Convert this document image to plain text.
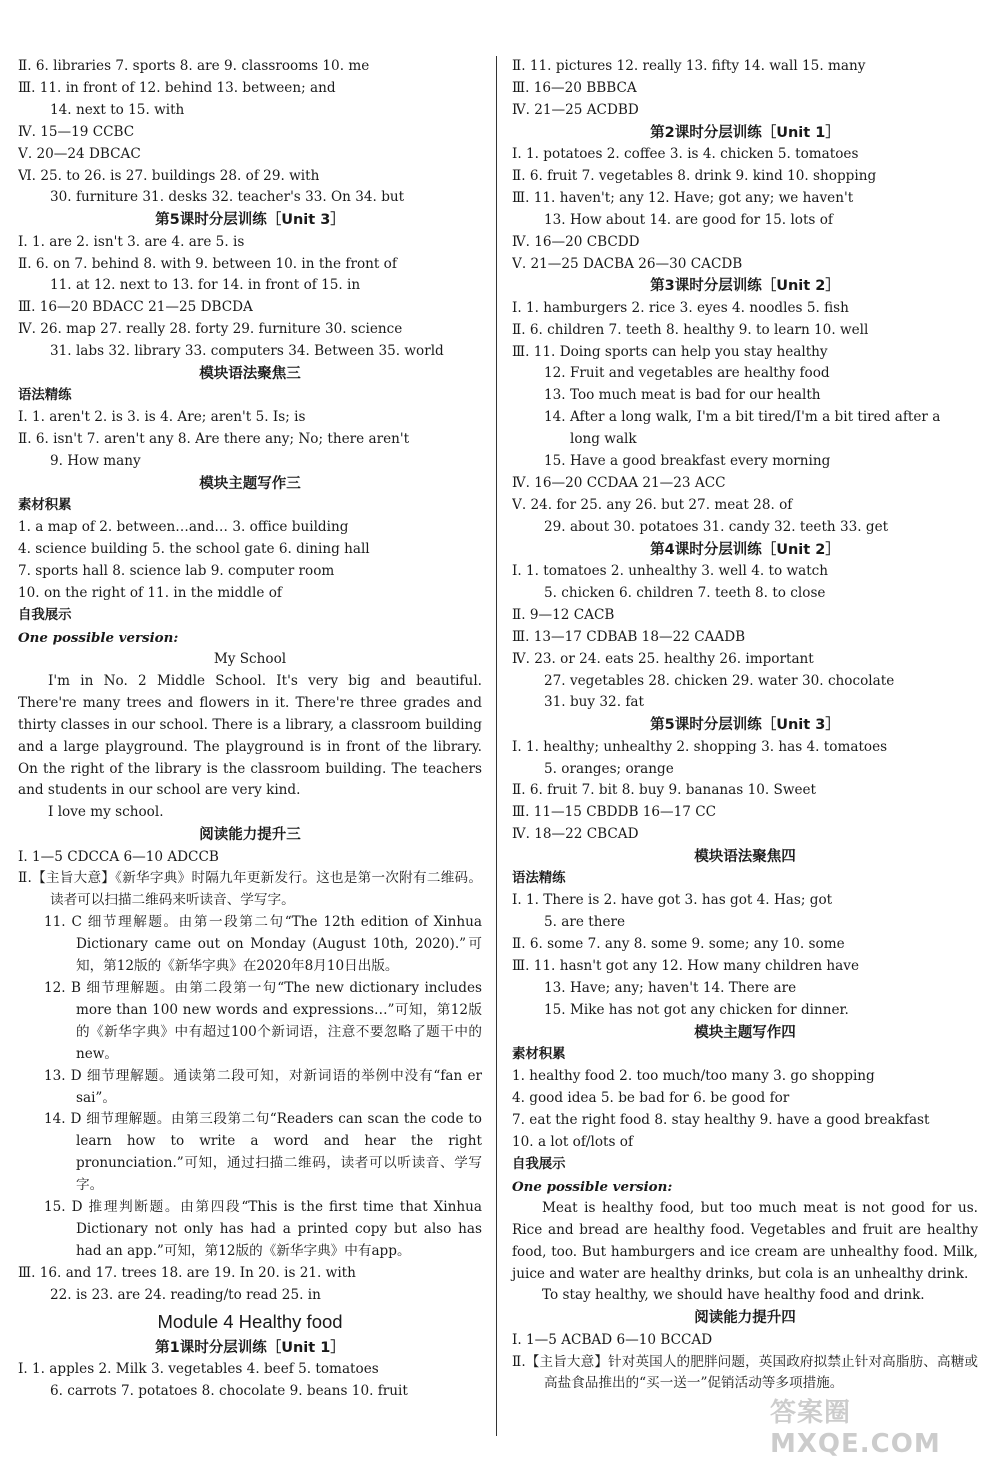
Ⅱ. 6. libraries 7. sports 8. are 9. classrooms 10. me
Ⅲ. 11. in front of 12. behind 13. between; and
14. next to 15. with
Ⅳ. 15—19 CCBC
Ⅴ. 20—24 DBCAC
Ⅵ. 25. to 26. is 27. buildings 28. of 29. with
30. furniture 31. desks 32. teacher's 33. On 34. but
第5课时分层训练［Unit 3］
Ⅰ. 1. are 2. isn't 3. are 4. are 5. is
Ⅱ. 6. on 7. behind 8. with 9. between 10. in the front of
11. at 12. next to 13. for 14. in front of 15. in
Ⅲ. 16—20 BDACC 21—25 DBCDA
Ⅳ. 26. map 27. really 28. forty 29. furniture 30. science
31. labs 32. library 33. computers 34. Between 35. world
模块语法聚焦三
语法精练
Ⅰ. 1. aren't 2. is 3. is 4. Are; aren't 5. Is; is
Ⅱ. 6. isn't 7. aren't any 8. Are there any; No; there aren't
9. How many
模块主题写作三
素材积累
1. a map of 2. between…and… 3. office building
4. science building 5. the school gate 6. dining hall
7. sports hall 8. science lab 9. computer room
10. on the right of 11. in the middle of
自我展示
One possible version:
My School
I'm in No. 2 Middle School. It's very big and beautiful. There're many trees and flowers in it. There're three grades and thirty classes in our school. There is a library, a classroom building and a large playground. The playground is in front of the library. On the right of the library is the classroom building. The teachers and students in our school are very kind.
I love my school.
阅读能力提升三
Ⅰ. 1—5 CDCCA 6—10 ADCCB
Ⅱ.【主旨大意】《新华字典》时隔九年更新发行。这也是第一次附有二维码。读者可以扫描二维码来听读音、学写字。
11. C 细节理解题。由第一段第二句“The 12th edition of Xinhua Dictionary came out on Monday (August 10th, 2020).”可知，第12版的《新华字典》在2020年8月10日出版。
12. B 细节理解题。由第二段第一句“The new dictionary includes more than 100 new words and expressions…”可知，第12版的《新华字典》中有超过100个新词语，注意不要忽略了题干中的new。
13. D 细节理解题。通读第二段可知，对新词语的举例中没有“fan er sai”。
14. D 细节理解题。由第三段第二句“Readers can scan the code to learn how to write a word and hear the right pronunciation.”可知，通过扫描二维码，读者可以听读音、学写字。
15. D 推理判断题。由第四段“This is the first time that Xinhua Dictionary not only has had a printed copy but also has had an app.”可知，第12版的《新华字典》中有app。
Ⅲ. 16. and 17. trees 18. are 19. In 20. is 21. with
22. is 23. are 24. reading/to read 25. in
Module 4 Healthy food
第1课时分层训练［Unit 1］
Ⅰ. 1. apples 2. Milk 3. vegetables 4. beef 5. tomatoes
6. carrots 7. potatoes 8. chocolate 9. beans 10. fruit
Ⅱ. 11. pictures 12. really 13. fifty 14. wall 15. many
Ⅲ. 16—20 BBBCA
Ⅳ. 21—25 ACDBD
第2课时分层训练［Unit 1］
Ⅰ. 1. potatoes 2. coffee 3. is 4. chicken 5. tomatoes
Ⅱ. 6. fruit 7. vegetables 8. drink 9. kind 10. shopping
Ⅲ. 11. haven't; any 12. Have; got any; we haven't
13. How about 14. are good for 15. lots of
Ⅳ. 16—20 CBCDD
Ⅴ. 21—25 DACBA 26—30 CACDB
第3课时分层训练［Unit 2］
Ⅰ. 1. hamburgers 2. rice 3. eyes 4. noodles 5. fish
Ⅱ. 6. children 7. teeth 8. healthy 9. to learn 10. well
Ⅲ. 11. Doing sports can help you stay healthy
12. Fruit and vegetables are healthy food
13. Too much meat is bad for our health
14. After a long walk, I'm a bit tired/I'm a bit tired after a
long walk
15. Have a good breakfast every morning
Ⅳ. 16—20 CCDAA 21—23 ACC
Ⅴ. 24. for 25. any 26. but 27. meat 28. of
29. about 30. potatoes 31. candy 32. teeth 33. get
第4课时分层训练［Unit 2］
Ⅰ. 1. tomatoes 2. unhealthy 3. well 4. to watch
5. chicken 6. children 7. teeth 8. to close
Ⅱ. 9—12 CACB
Ⅲ. 13—17 CDBAB 18—22 CAADB
Ⅳ. 23. or 24. eats 25. healthy 26. important
27. vegetables 28. chicken 29. water 30. chocolate
31. buy 32. fat
第5课时分层训练［Unit 3］
Ⅰ. 1. healthy; unhealthy 2. shopping 3. has 4. tomatoes
5. oranges; orange
Ⅱ. 6. fruit 7. bit 8. buy 9. bananas 10. Sweet
Ⅲ. 11—15 CBDDB 16—17 CC
Ⅳ. 18—22 CBCAD
模块语法聚焦四
语法精练
Ⅰ. 1. There is 2. have got 3. has got 4. Has; got
5. are there
Ⅱ. 6. some 7. any 8. some 9. some; any 10. some
Ⅲ. 11. hasn't got any 12. How many children have
13. Have; any; haven't 14. There are
15. Mike has not got any chicken for dinner.
模块主题写作四
素材积累
1. healthy food 2. too much/too many 3. go shopping
4. good idea 5. be bad for 6. be good for
7. eat the right food 8. stay healthy 9. have a good breakfast
10. a lot of/lots of
自我展示
One possible version:
Meat is healthy food, but too much meat is not good for us. Rice and bread are healthy food. Vegetables and fruit are healthy food, too. But hamburgers and ice cream are unhealthy food. Milk, juice and water are healthy drinks, but cola is an unhealthy drink.
To stay healthy, we should have healthy food and drink.
阅读能力提升四
Ⅰ. 1—5 ACBAD 6—10 BCCAD
Ⅱ.【主旨大意】针对英国人的肥胖问题，英国政府拟禁止针对高脂肪、高糖或高盐食品推出的“买一送一”促销活动等多项措施。
答案圈 MXQE.COM
